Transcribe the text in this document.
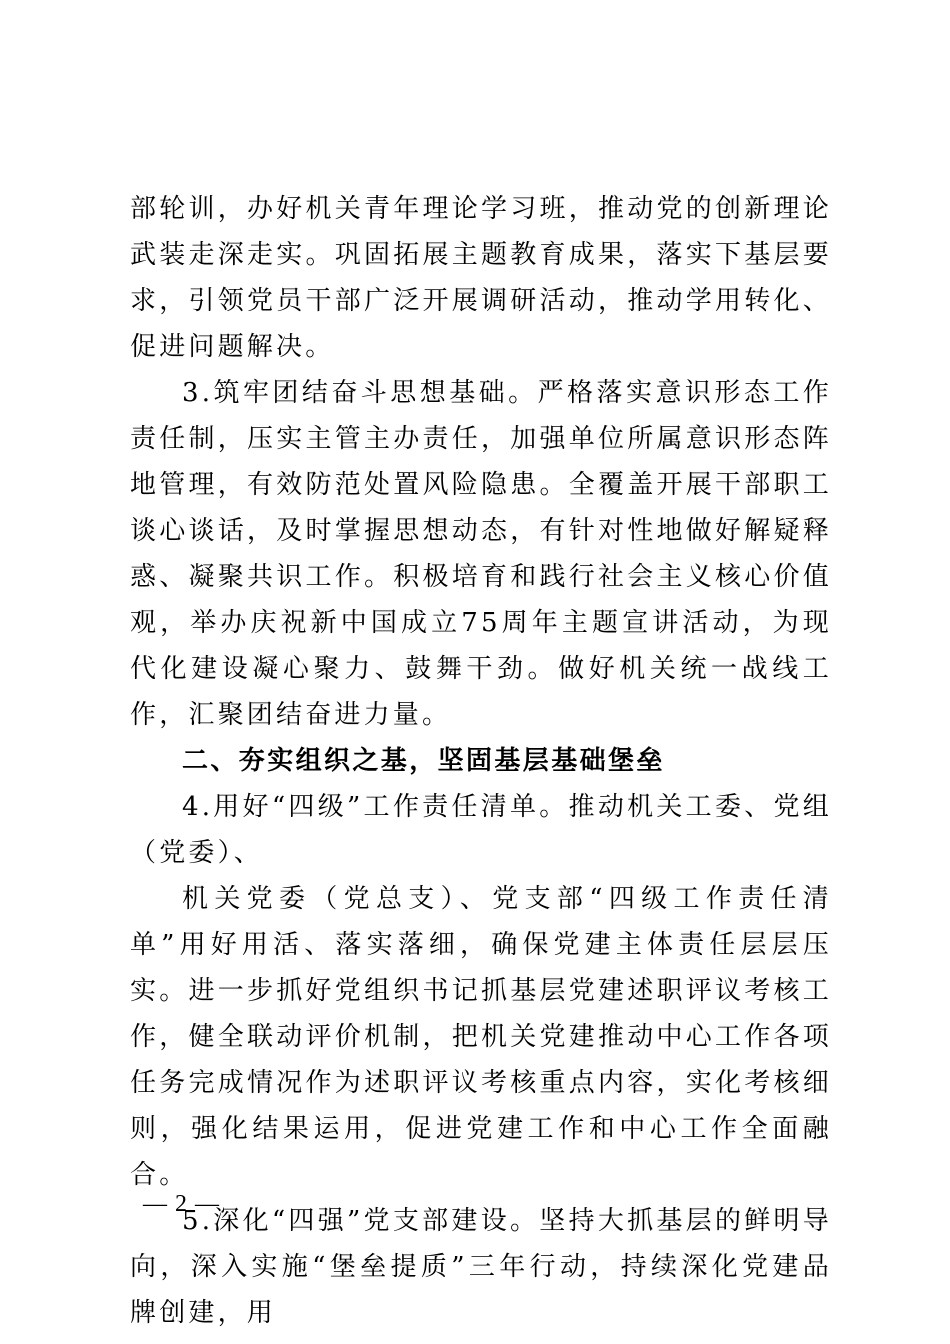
部轮训，办好机关青年理论学习班，推动党的创新理论武装走深走实。巩固拓展主题教育成果，落实下基层要求，引领党员干部广泛开展调研活动，推动学用转化、促进问题解决。

3.筑牢团结奋斗思想基础。严格落实意识形态工作责任制，压实主管主办责任，加强单位所属意识形态阵地管理，有效防范处置风险隐患。全覆盖开展干部职工谈心谈话，及时掌握思想动态，有针对性地做好解疑释惑、凝聚共识工作。积极培育和践行社会主义核心价值观，举办庆祝新中国成立75周年主题宣讲活动，为现代化建设凝心聚力、鼓舞干劲。做好机关统一战线工作，汇聚团结奋进力量。

二、夯实组织之基，坚固基层基础堡垒

4.用好“四级”工作责任清单。推动机关工委、党组（党委）、

机关党委（党总支）、党支部“四级工作责任清单”用好用活、落实落细，确保党建主体责任层层压实。进一步抓好党组织书记抓基层党建述职评议考核工作，健全联动评价机制，把机关党建推动中心工作各项任务完成情况作为述职评议考核重点内容，实化考核细则，强化结果运用，促进党建工作和中心工作全面融合。

5.深化“四强”党支部建设。坚持大抓基层的鲜明导向，深入实施“堡垒提质”三年行动，持续深化党建品牌创建，用

— 2 —
